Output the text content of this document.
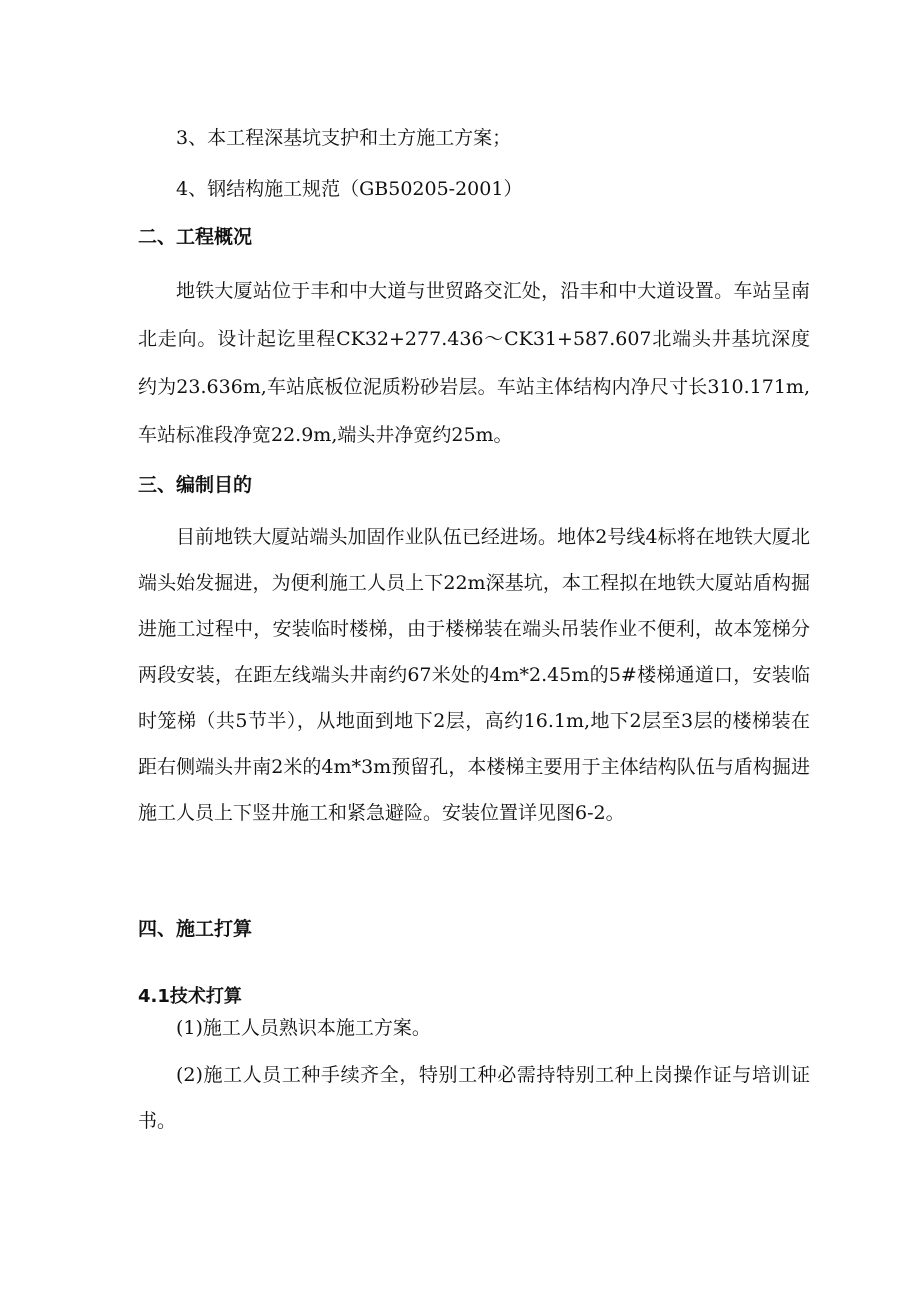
3、本工程深基坑支护和土方施工方案；

4、钢结构施工规范（GB50205-2001）

二、工程概况

地铁大厦站位于丰和中大道与世贸路交汇处，沿丰和中大道设置。车站呈南北走向。设计起讫里程CK32+277.436～CK31+587.607北端头井基坑深度约为23.636m,车站底板位泥质粉砂岩层。车站主体结构内净尺寸长310.171m,车站标准段净宽22.9m,端头井净宽约25m。

三、编制目的

目前地铁大厦站端头加固作业队伍已经进场。地体2号线4标将在地铁大厦北端头始发掘进，为便利施工人员上下22m深基坑，本工程拟在地铁大厦站盾构掘进施工过程中，安装临时楼梯，由于楼梯装在端头吊装作业不便利，故本笼梯分两段安装，在距左线端头井南约67米处的4m*2.45m的5#楼梯通道口，安装临时笼梯（共5节半），从地面到地下2层，高约16.1m,地下2层至3层的楼梯装在距右侧端头井南2米的4m*3m预留孔，本楼梯主要用于主体结构队伍与盾构掘进施工人员上下竖井施工和紧急避险。安装位置详见图6-2。

四、施工打算

4.1技术打算

(1)施工人员熟识本施工方案。

(2)施工人员工种手续齐全，特别工种必需持特别工种上岗操作证与培训证书。
